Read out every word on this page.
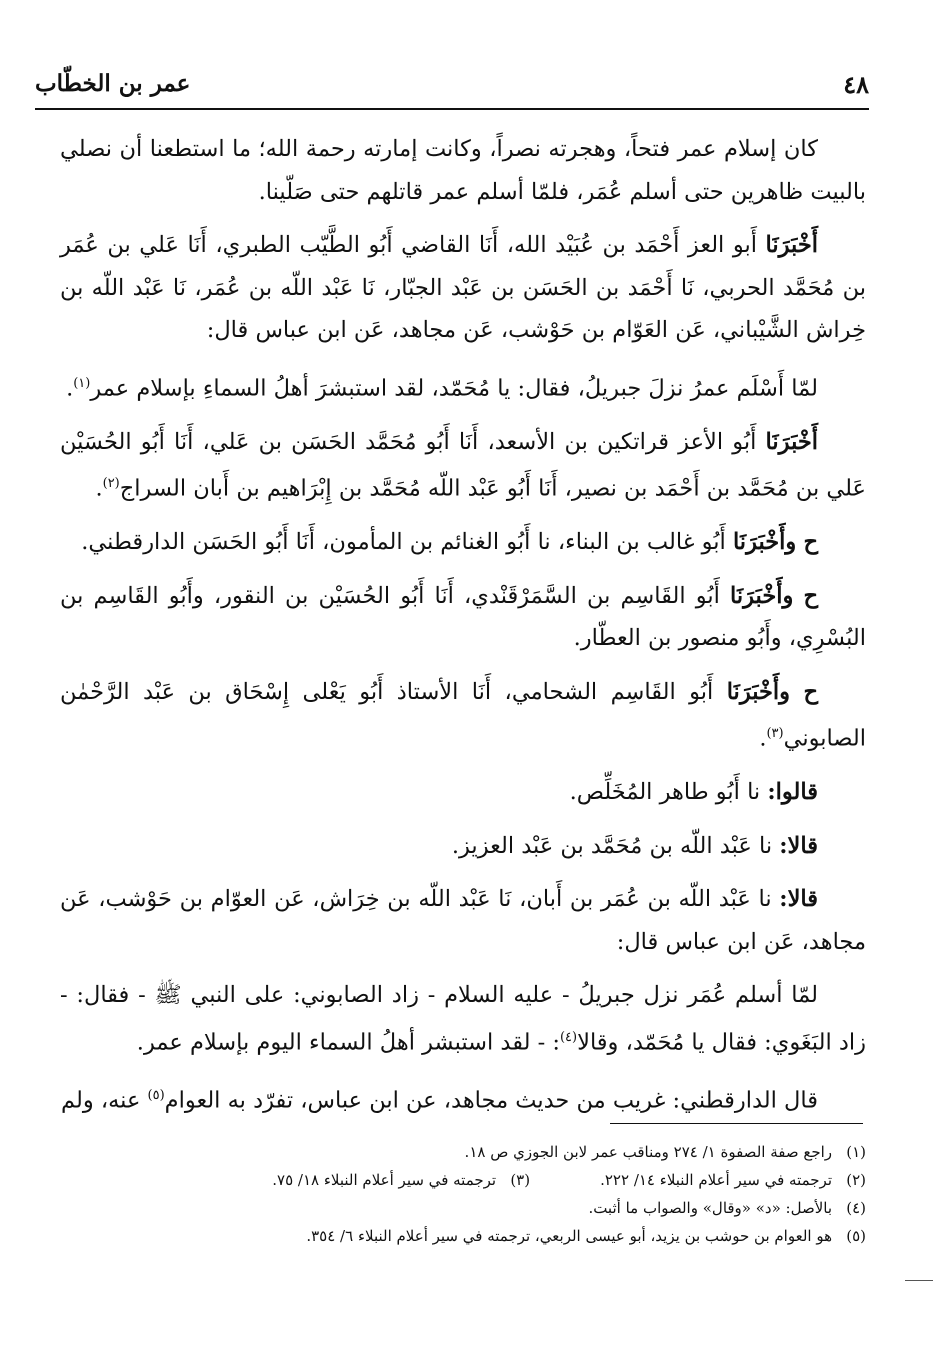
٤٨
عمر بن الخطّاب

كان إسلام عمر فتحاً، وهجرته نصراً، وكانت إمارته رحمة الله؛ ما استطعنا أن نصلي بالبيت ظاهرين حتى أسلم عُمَر، فلمّا أسلم عمر قاتلهم حتى صَلّينا.

أَخْبَرَنَا أَبو العز أَحْمَد بن عُبَيْد الله، أَنَا القاضي أَبُو الطَّيّب الطبري، أَنَا عَلي بن عُمَر بن مُحَمَّد الحربي، نَا أَحْمَد بن الحَسَن بن عَبْد الجبّار، نَا عَبْد اللّه بن عُمَر، نَا عَبْد اللّه بن خِراش الشَّيْباني، عَن العَوّام بن حَوْشب، عَن مجاهد، عَن ابن عباس قال:

لمّا أَسْلَم عمرُ نزلَ جبريلُ، فقال: يا مُحَمّد، لقد استبشرَ أهلُ السماءِ بإسلام عمر$^{(١)}$.

أَخْبَرَنَا أَبُو الأعز قراتكين بن الأسعد، أَنَا أَبُو مُحَمَّد الحَسَن بن عَلي، أَنَا أَبُو الحُسَيْن عَلي بن مُحَمَّد بن أَحْمَد بن نصير، أَنَا أَبُو عَبْد اللّه مُحَمَّد بن إِبْرَاهيم بن أَبان السراج$^{(٢)}$.

ح وأَخْبَرَنَا أَبُو غالب بن البناء، نا أَبُو الغنائم بن المأمون، أَنَا أَبُو الحَسَن الدارقطني.

ح وأَخْبَرَنَا أَبُو القَاسِم بن السَّمَرْقَنْدي، أَنَا أَبُو الحُسَيْن بن النقور، وأَبُو القَاسِم بن البُسْرِي، وأَبُو منصور بن العطّار.

ح وأَخْبَرَنَا أَبُو القَاسِم الشحامي، أَنَا الأستاذ أَبُو يَعْلى إِسْحَاق بن عَبْد الرَّحْمٰن الصابوني$^{(٣)}$.

قالوا: نا أَبُو طاهر المُخَلِّص.

قالا: نا عَبْد اللّه بن مُحَمَّد بن عَبْد العزيز.

قالا: نا عَبْد اللّه بن عُمَر بن أَبان، نَا عَبْد اللّه بن خِرَاش، عَن العوّام بن حَوْشب، عَن مجاهد، عَن ابن عباس قال:

لمّا أسلم عُمَر نزل جبريلُ - عليه السلام - زاد الصابوني: على النبي ﷺ - فقال: - زاد البَغَوي: فقال يا مُحَمّد، وقالا$^{(٤)}$: - لقد استبشر أهلُ السماء اليوم بإسلام عمر.

قال الدارقطني: غريب من حديث مجاهد، عن ابن عباس، تفرّد به العوام$^{(٥)}$ عنه، ولم

(١)راجع صفة الصفوة ١/ ٢٧٤ ومناقب عمر لابن الجوزي ص ١٨.

(٢)ترجمته في سير أعلام النبلاء ١٤/ ٢٢٢.(٣)ترجمته في سير أعلام النبلاء ١٨/ ٧٥.

(٤)بالأصل: «د» «وقال» والصواب ما أثبت.

(٥)هو العوام بن حوشب بن يزيد، أبو عيسى الربعي، ترجمته في سير أعلام النبلاء ٦/ ٣٥٤.
